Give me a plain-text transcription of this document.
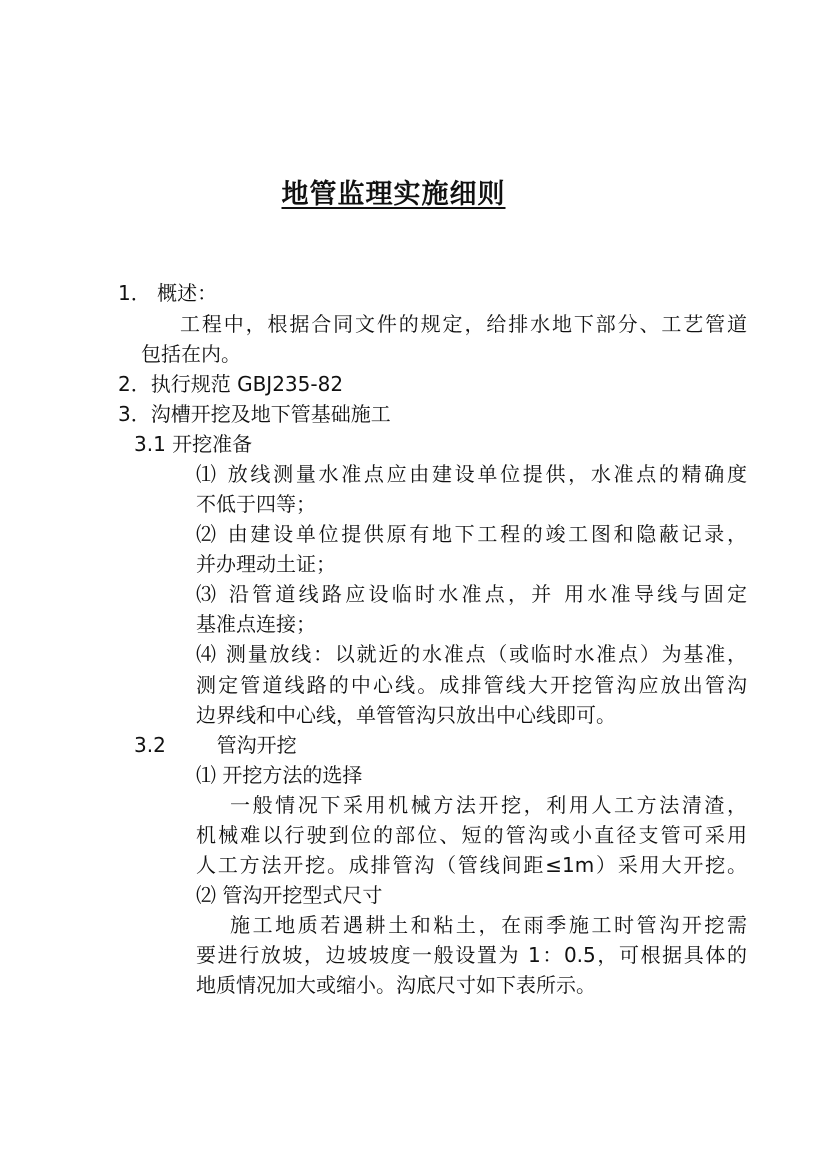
地管监理实施细则
1． 概述：
工程中，根据合同文件的规定，给排水地下部分、工艺管道
包括在内。
2．执行规范 GBJ235-82
3．沟槽开挖及地下管基础施工
3.1 开挖准备
⑴ 放线测量水准点应由建设单位提供，水准点的精确度
不低于四等；
⑵ 由建设单位提供原有地下工程的竣工图和隐蔽记录，
并办理动土证；
⑶ 沿管道线路应设临时水准点，并 用水准导线与固定
基准点连接；
⑷ 测量放线：以就近的水准点（或临时水准点）为基准，
测定管道线路的中心线。成排管线大开挖管沟应放出管沟
边界线和中心线，单管管沟只放出中心线即可。
3.2        管沟开挖
⑴ 开挖方法的选择
一般情况下采用机械方法开挖，利用人工方法清渣，
机械难以行驶到位的部位、短的管沟或小直径支管可采用
人工方法开挖。成排管沟（管线间距≤1m）采用大开挖。
⑵ 管沟开挖型式尺寸
施工地质若遇耕土和粘土，在雨季施工时管沟开挖需
要进行放坡，边坡坡度一般设置为 1：0.5，可根据具体的
地质情况加大或缩小。沟底尺寸如下表所示。
